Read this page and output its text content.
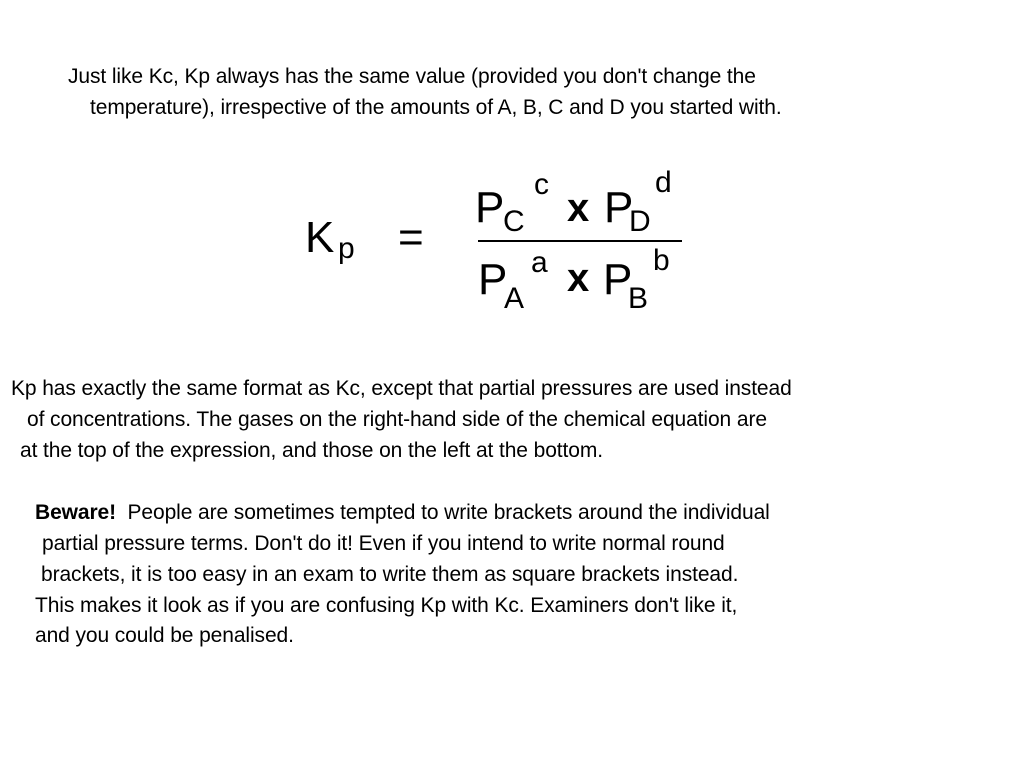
Just like Kc, Kp always has the same value (provided you don't change the
temperature), irrespective of the amounts of A, B, C and D you started with.
K p =
P
C
c
x P
D
d
P
A
a x P
B
b
Kp has exactly the same format as Kc, except that partial pressures are used instead
of concentrations. The gases on the right-hand side of the chemical equation are
at the top of the expression, and those on the left at the bottom.
Beware! People are sometimes tempted to write brackets around the individual
partial pressure terms. Don't do it! Even if you intend to write normal round
brackets, it is too easy in an exam to write them as square brackets instead.
This makes it look as if you are confusing Kp with Kc. Examiners don't like it,
and you could be penalised.
